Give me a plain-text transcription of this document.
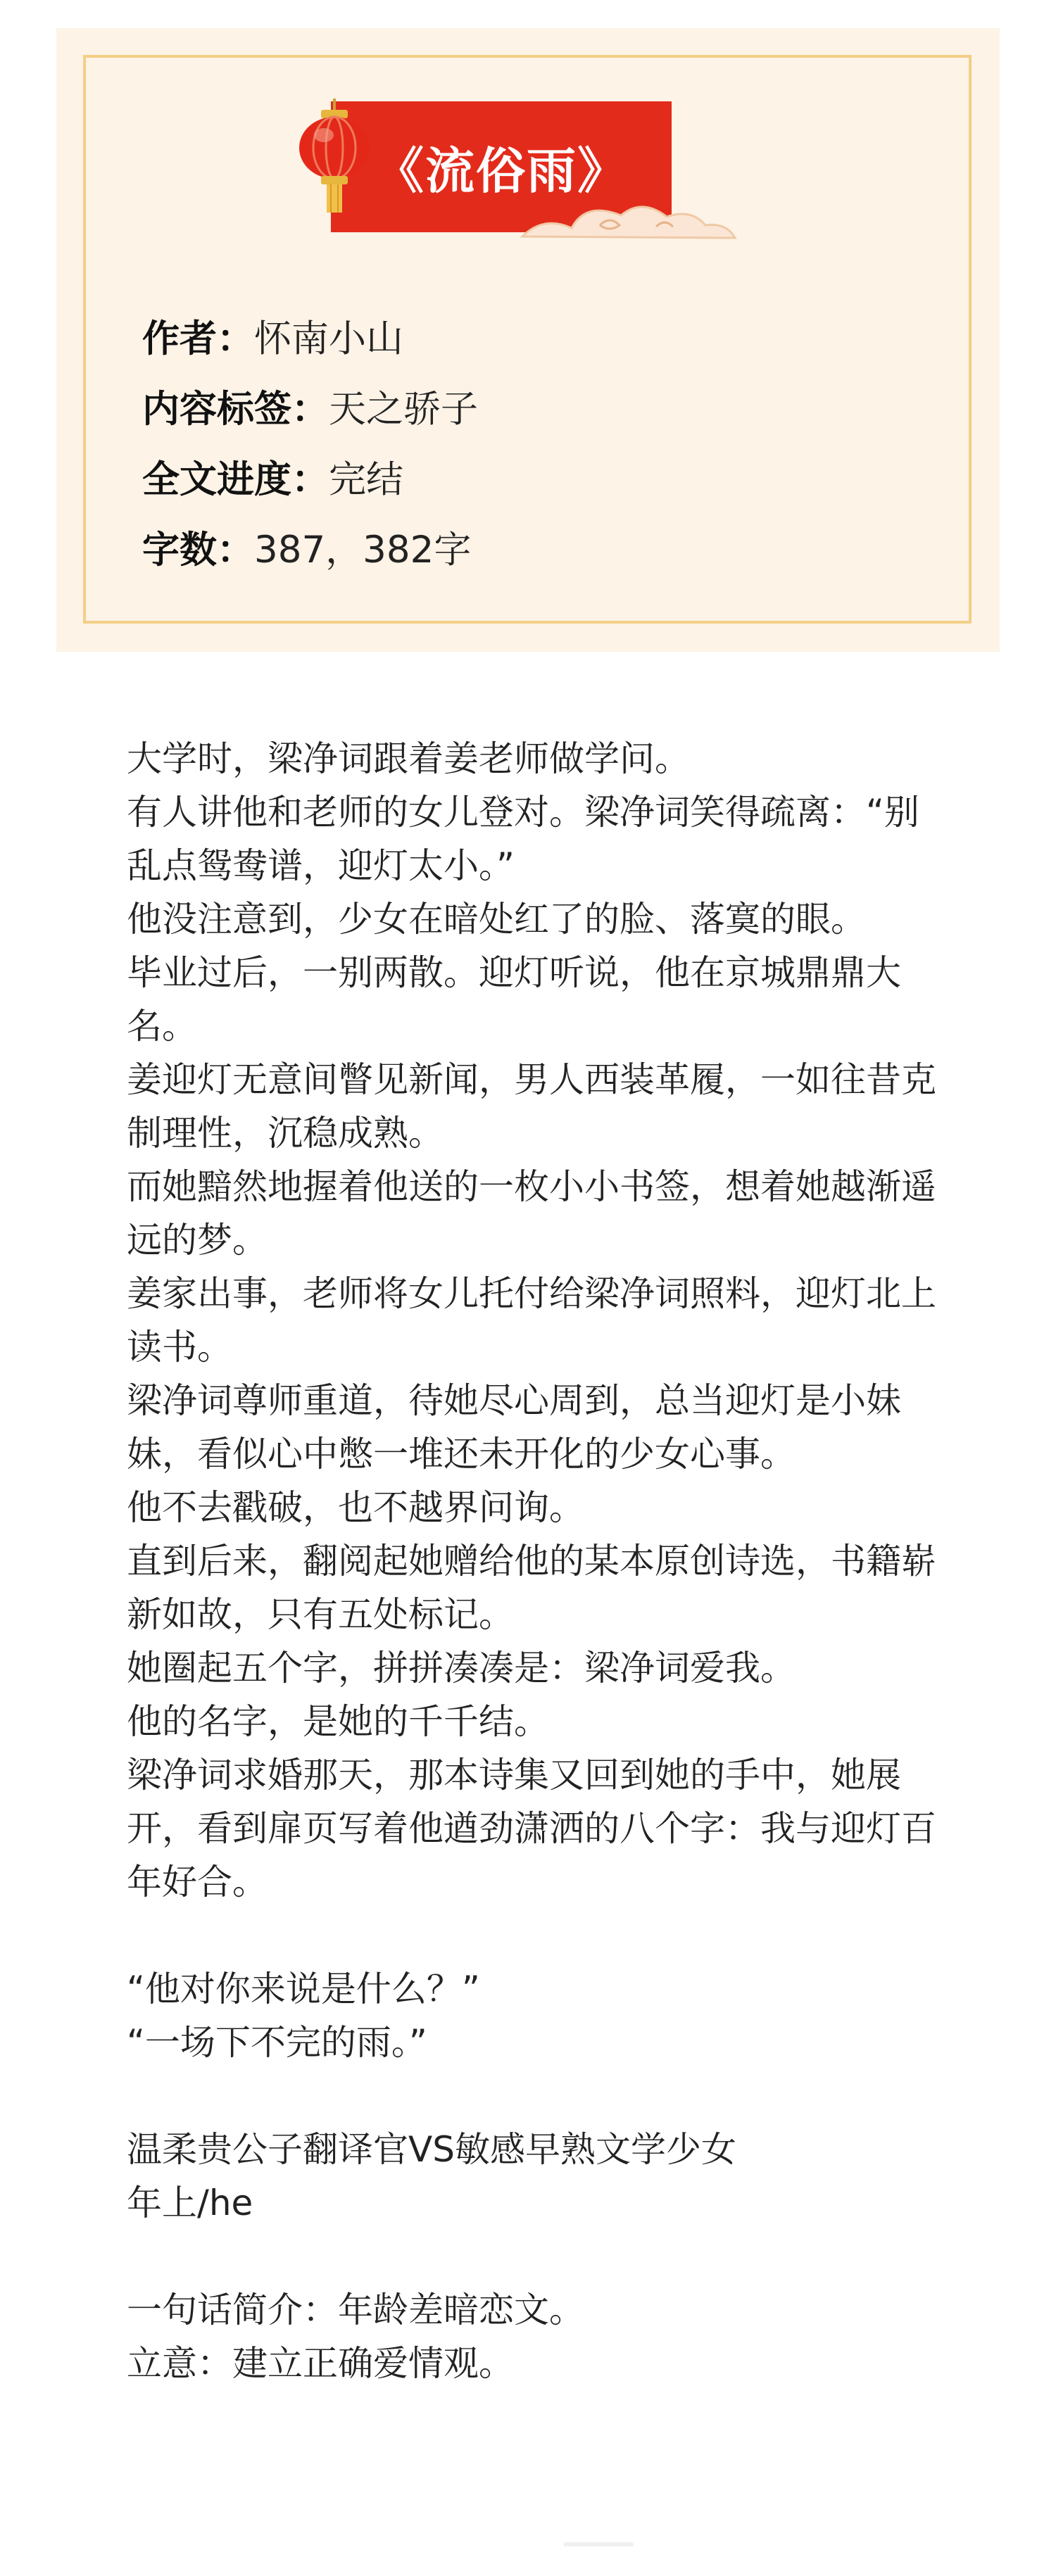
《流俗雨》
作者：怀南小山
内容标签：天之骄子
全文进度：完结
字数：387，382字

大学时，梁净词跟着姜老师做学问。

有人讲他和老师的女儿登对。梁净词笑得疏离：“别乱点鸳鸯谱，迎灯太小。”

他没注意到，少女在暗处红了的脸、落寞的眼。

毕业过后，一别两散。迎灯听说，他在京城鼎鼎大名。

姜迎灯无意间瞥见新闻，男人西装革履，一如往昔克制理性，沉稳成熟。

而她黯然地握着他送的一枚小小书签，想着她越渐遥远的梦。

姜家出事，老师将女儿托付给梁净词照料，迎灯北上读书。

梁净词尊师重道，待她尽心周到，总当迎灯是小妹妹，看似心中憋一堆还未开化的少女心事。

他不去戳破，也不越界问询。

直到后来，翻阅起她赠给他的某本原创诗选，书籍崭新如故，只有五处标记。

她圈起五个字，拼拼凑凑是：梁净词爱我。

他的名字，是她的千千结。

梁净词求婚那天，那本诗集又回到她的手中，她展开，看到扉页写着他遒劲潇洒的八个字：我与迎灯百年好合。

“他对你来说是什么？”

“一场下不完的雨。”

温柔贵公子翻译官VS敏感早熟文学少女

年上/he

一句话简介：年龄差暗恋文。

立意：建立正确爱情观。
